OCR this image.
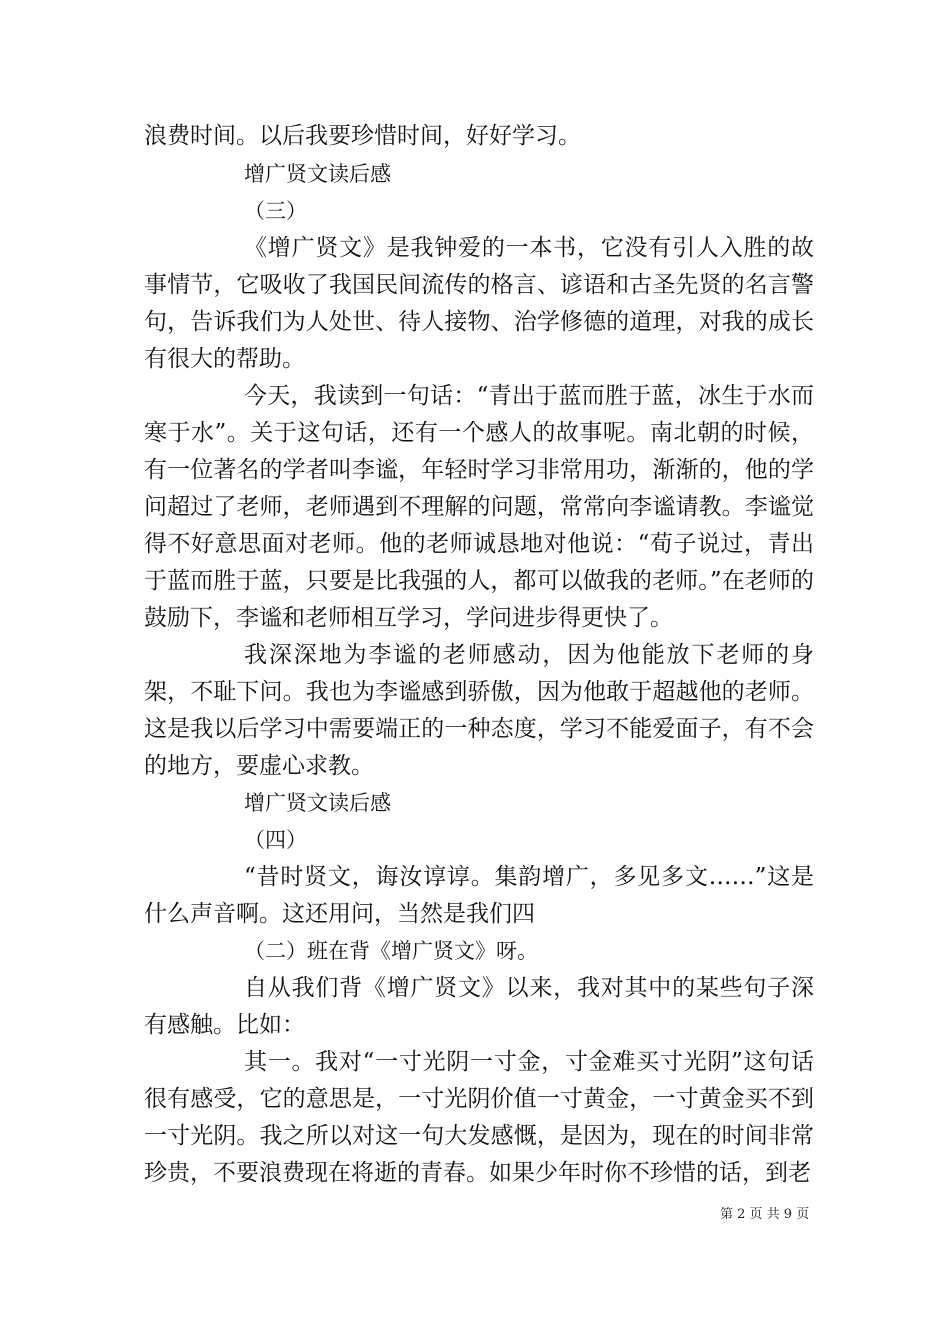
浪费时间。以后我要珍惜时间，好好学习。

增广贤文读后感

（三）

《增广贤文》是我钟爱的一本书，它没有引人入胜的故事情节，它吸收了我国民间流传的格言、谚语和古圣先贤的名言警句，告诉我们为人处世、待人接物、治学修德的道理，对我的成长有很大的帮助。

今天，我读到一句话：“青出于蓝而胜于蓝，冰生于水而寒于水”。关于这句话，还有一个感人的故事呢。南北朝的时候，有一位著名的学者叫李谧，年轻时学习非常用功，渐渐的，他的学问超过了老师，老师遇到不理解的问题，常常向李谧请教。李谧觉得不好意思面对老师。他的老师诚恳地对他说：“荀子说过，青出于蓝而胜于蓝，只要是比我强的人，都可以做我的老师。”在老师的鼓励下，李谧和老师相互学习，学问进步得更快了。

我深深地为李谧的老师感动，因为他能放下老师的身架，不耻下问。我也为李谧感到骄傲，因为他敢于超越他的老师。这是我以后学习中需要端正的一种态度，学习不能爱面子，有不会的地方，要虚心求教。

增广贤文读后感

（四）

“昔时贤文，诲汝谆谆。集韵增广，多见多文……”这是什么声音啊。这还用问，当然是我们四

（二）班在背《增广贤文》呀。

自从我们背《增广贤文》以来，我对其中的某些句子深有感触。比如：

其一。我对“一寸光阴一寸金，寸金难买寸光阴”这句话很有感受，它的意思是，一寸光阴价值一寸黄金，一寸黄金买不到一寸光阴。我之所以对这一句大发感慨，是因为，现在的时间非常珍贵，不要浪费现在将逝的青春。如果少年时你不珍惜的话，到老

第 2 页 共 9 页
